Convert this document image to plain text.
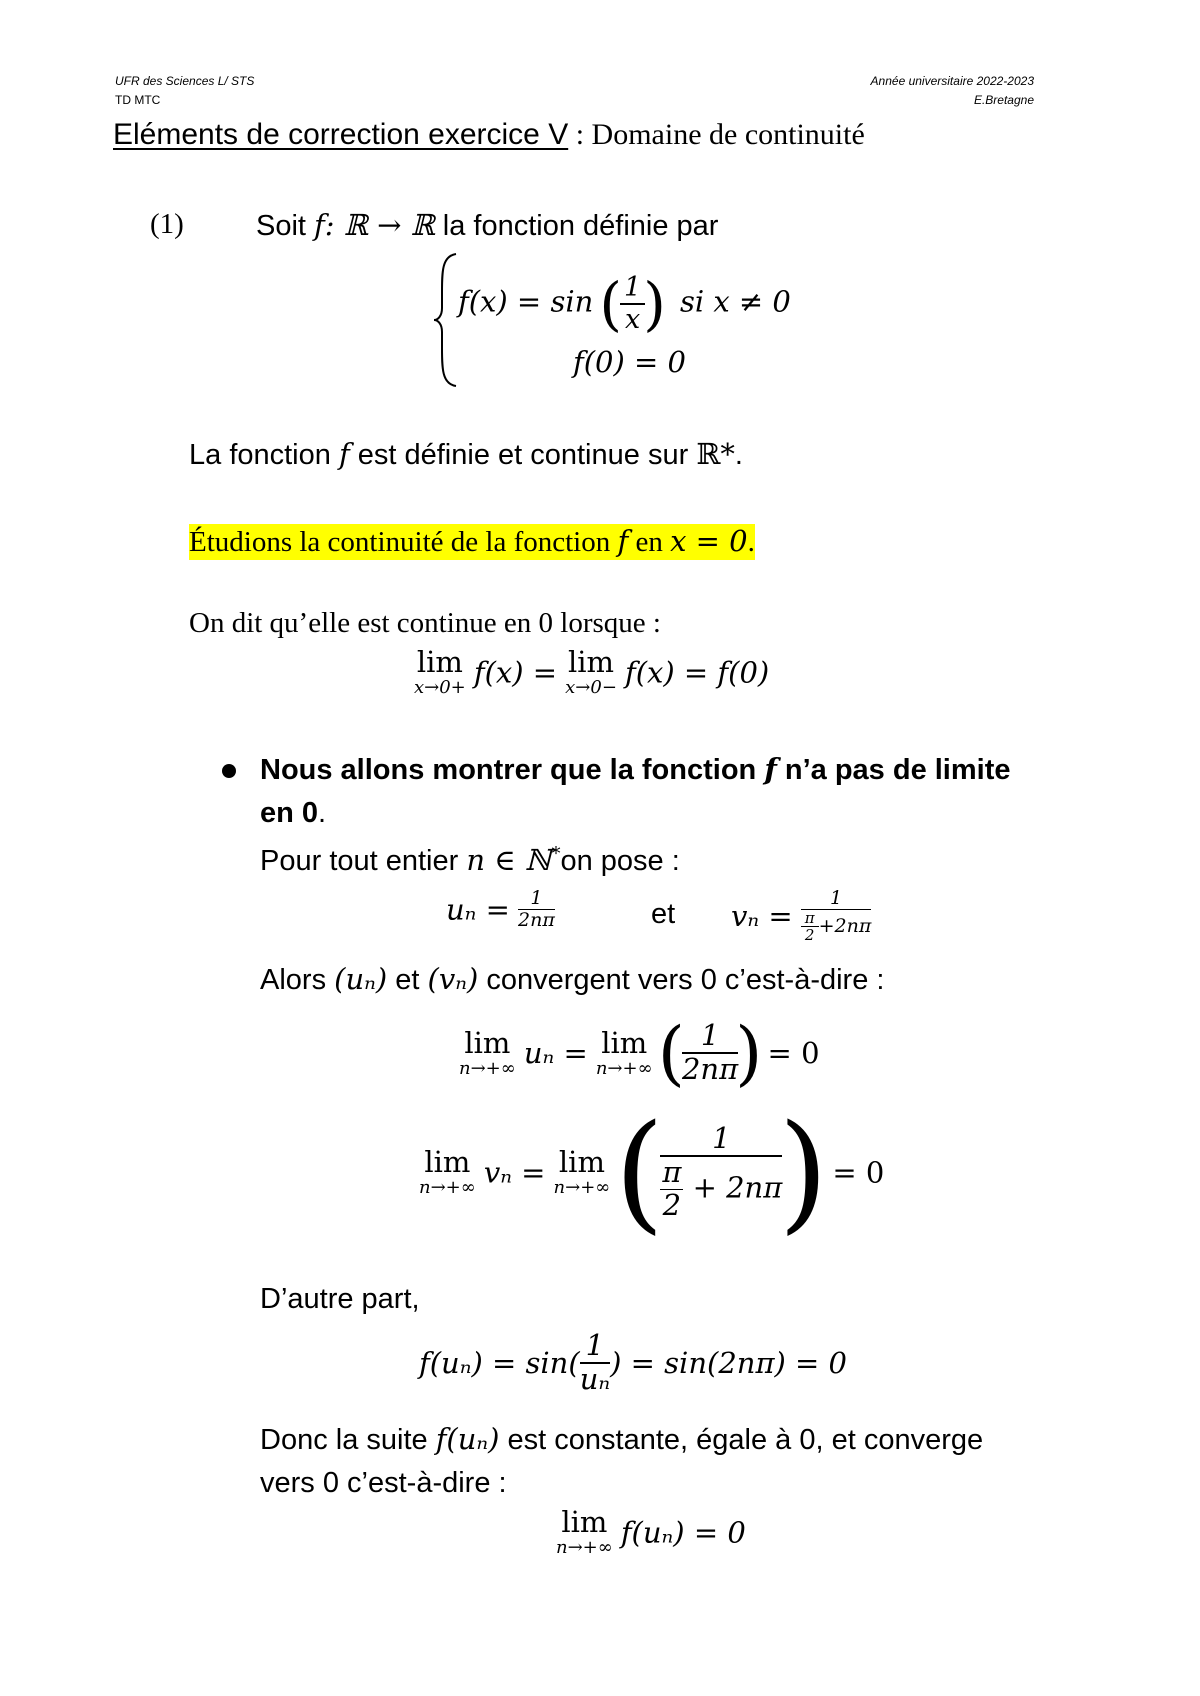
UFR des Sciences L/ STS
TD MTC
Année universitaire 2022-2023
E.Bretagne
Eléments de correction exercice V : Domaine de continuité
(1) Soit f: ℝ → ℝ la fonction définie par
f(x) = sin (
$\frac{1}{x}$
) si x ≠ 0
f(0) = 0
La fonction f est définie et continue sur ℝ*.
Étudions la continuité de la fonction f en x = 0.
On dit qu’elle est continue en 0 lorsque :
lim
x→0+ f(x) = lim
x→0− f(x) = f(0)
Nous allons montrer que la fonction f n’a pas de limite
en 0.
Pour tout entier n ∈ ℕ*on pose :
$u_n = \frac{1}{2n\pi}$	et $v_n = \frac{1}{\frac{\pi}{2} +2n\pi}$
Alors (uₙ) et (vₙ) convergent vers 0 c’est-à-dire :
lim
n→+∞ uₙ = lim
n→+∞ (
$\frac{1}{2n\pi}$
) = 0
lim
n→+∞ vₙ = lim
n→+∞ (
$\frac{1}{\frac{\pi}{2} + 2n\pi}$
) = 0
D’autre part,
$f(u_n) = \sin( \frac{1}{\text{uₙ}}$ ) = sin(2nπ) = 0
Donc la suite f(uₙ) est constante, égale à 0, et converge
vers 0 c’est-à-dire :
lim
n→+∞ f(uₙ) = 0
